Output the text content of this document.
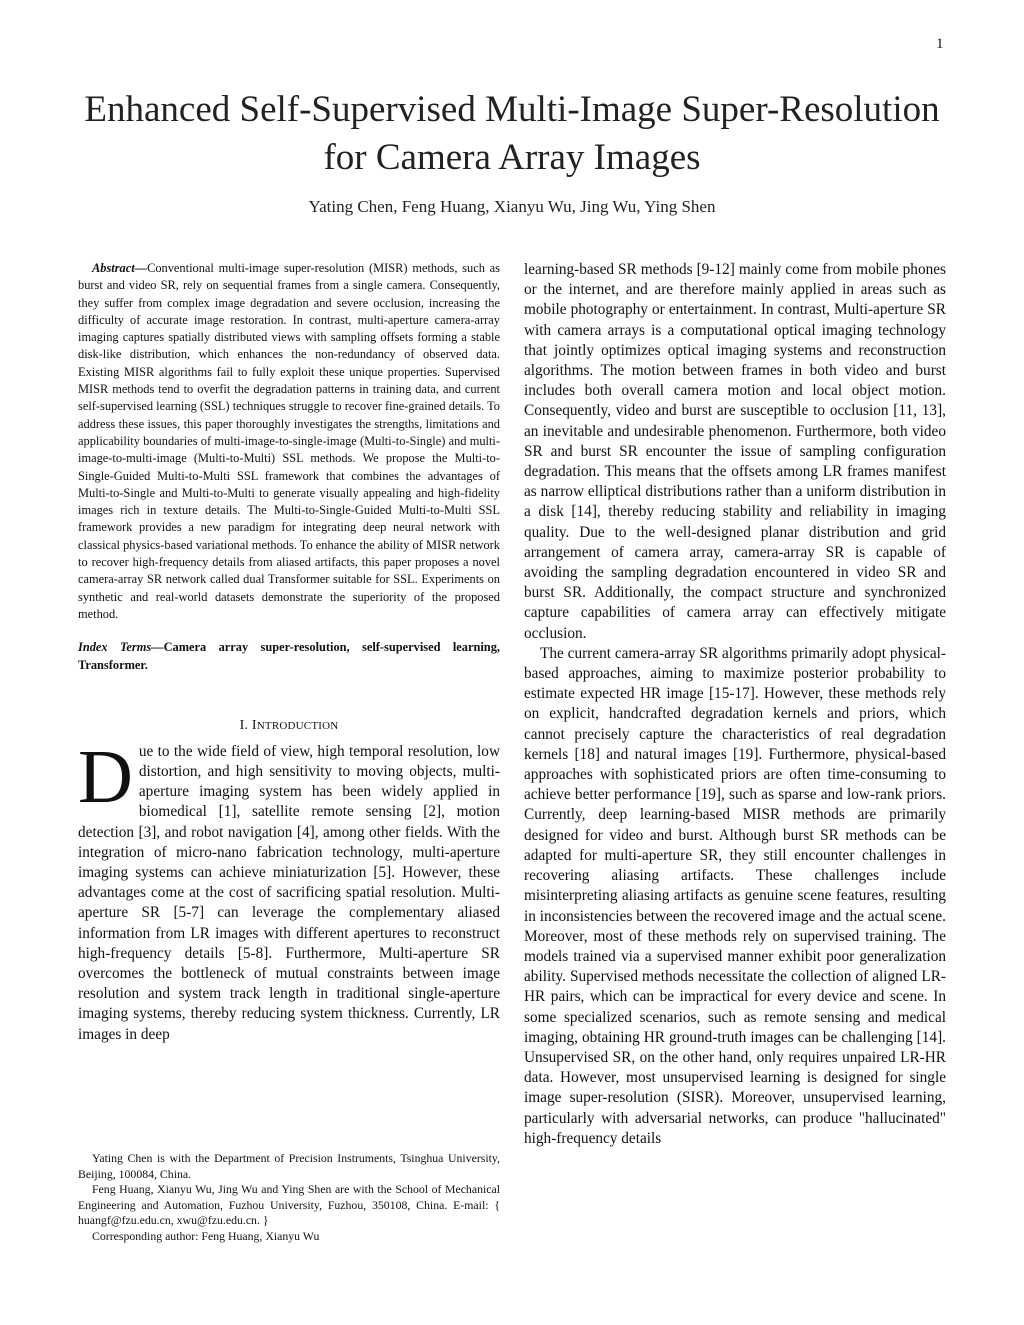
1
Enhanced Self-Supervised Multi-Image Super-Resolution for Camera Array Images
Yating Chen, Feng Huang, Xianyu Wu, Jing Wu, Ying Shen

Abstract—Conventional multi-image super-resolution (MISR) methods, such as burst and video SR, rely on sequential frames from a single camera. Consequently, they suffer from complex image degradation and severe occlusion, increasing the difficulty of accurate image restoration. In contrast, multi-aperture camera-array imaging captures spatially distributed views with sampling offsets forming a stable disk-like distribution, which enhances the non-redundancy of observed data. Existing MISR algorithms fail to fully exploit these unique properties. Supervised MISR methods tend to overfit the degradation patterns in training data, and current self-supervised learning (SSL) techniques struggle to recover fine-grained details. To address these issues, this paper thoroughly investigates the strengths, limitations and applicability boundaries of multi-image-to-single-image (Multi-to-Single) and multi-image-to-multi-image (Multi-to-Multi) SSL methods. We propose the Multi-to-Single-Guided Multi-to-Multi SSL framework that combines the advantages of Multi-to-Single and Multi-to-Multi to generate visually appealing and high-fidelity images rich in texture details. The Multi-to-Single-Guided Multi-to-Multi SSL framework provides a new paradigm for integrating deep neural network with classical physics-based variational methods. To enhance the ability of MISR network to recover high-frequency details from aliased artifacts, this paper proposes a novel camera-array SR network called dual Transformer suitable for SSL. Experiments on synthetic and real-world datasets demonstrate the superiority of the proposed method.

Index Terms—Camera array super-resolution, self-supervised learning, Transformer.

I. INTRODUCTION

Due to the wide field of view, high temporal resolution, low distortion, and high sensitivity to moving objects, multi-aperture imaging system has been widely applied in biomedical [1], satellite remote sensing [2], motion detection [3], and robot navigation [4], among other fields. With the integration of micro-nano fabrication technology, multi-aperture imaging systems can achieve miniaturization [5]. However, these advantages come at the cost of sacrificing spatial resolution. Multi-aperture SR [5-7] can leverage the complementary aliased information from LR images with different apertures to reconstruct high-frequency details [5-8]. Furthermore, Multi-aperture SR overcomes the bottleneck of mutual constraints between image resolution and system track length in traditional single-aperture imaging systems, thereby reducing system thickness. Currently, LR images in deep

learning-based SR methods [9-12] mainly come from mobile phones or the internet, and are therefore mainly applied in areas such as mobile photography or entertainment. In contrast, Multi-aperture SR with camera arrays is a computational optical imaging technology that jointly optimizes optical imaging systems and reconstruction algorithms. The motion between frames in both video and burst includes both overall camera motion and local object motion. Consequently, video and burst are susceptible to occlusion [11, 13], an inevitable and undesirable phenomenon. Furthermore, both video SR and burst SR encounter the issue of sampling configuration degradation. This means that the offsets among LR frames manifest as narrow elliptical distributions rather than a uniform distribution in a disk [14], thereby reducing stability and reliability in imaging quality. Due to the well-designed planar distribution and grid arrangement of camera array, camera-array SR is capable of avoiding the sampling degradation encountered in video SR and burst SR. Additionally, the compact structure and synchronized capture capabilities of camera array can effectively mitigate occlusion.

The current camera-array SR algorithms primarily adopt physical-based approaches, aiming to maximize posterior probability to estimate expected HR image [15-17]. However, these methods rely on explicit, handcrafted degradation kernels and priors, which cannot precisely capture the characteristics of real degradation kernels [18] and natural images [19]. Furthermore, physical-based approaches with sophisticated priors are often time-consuming to achieve better performance [19], such as sparse and low-rank priors. Currently, deep learning-based MISR methods are primarily designed for video and burst. Although burst SR methods can be adapted for multi-aperture SR, they still encounter challenges in recovering aliasing artifacts. These challenges include misinterpreting aliasing artifacts as genuine scene features, resulting in inconsistencies between the recovered image and the actual scene. Moreover, most of these methods rely on supervised training. The models trained via a supervised manner exhibit poor generalization ability. Supervised methods necessitate the collection of aligned LR-HR pairs, which can be impractical for every device and scene. In some specialized scenarios, such as remote sensing and medical imaging, obtaining HR ground-truth images can be challenging [14]. Unsupervised SR, on the other hand, only requires unpaired LR-HR data. However, most unsupervised learning is designed for single image super-resolution (SISR). Moreover, unsupervised learning, particularly with adversarial networks, can produce "hallucinated" high-frequency details

Yating Chen is with the Department of Precision Instruments, Tsinghua University, Beijing, 100084, China.

Feng Huang, Xianyu Wu, Jing Wu and Ying Shen are with the School of Mechanical Engineering and Automation, Fuzhou University, Fuzhou, 350108, China. E-mail: { huangf@fzu.edu.cn, xwu@fzu.edu.cn. }

Corresponding author: Feng Huang, Xianyu Wu
